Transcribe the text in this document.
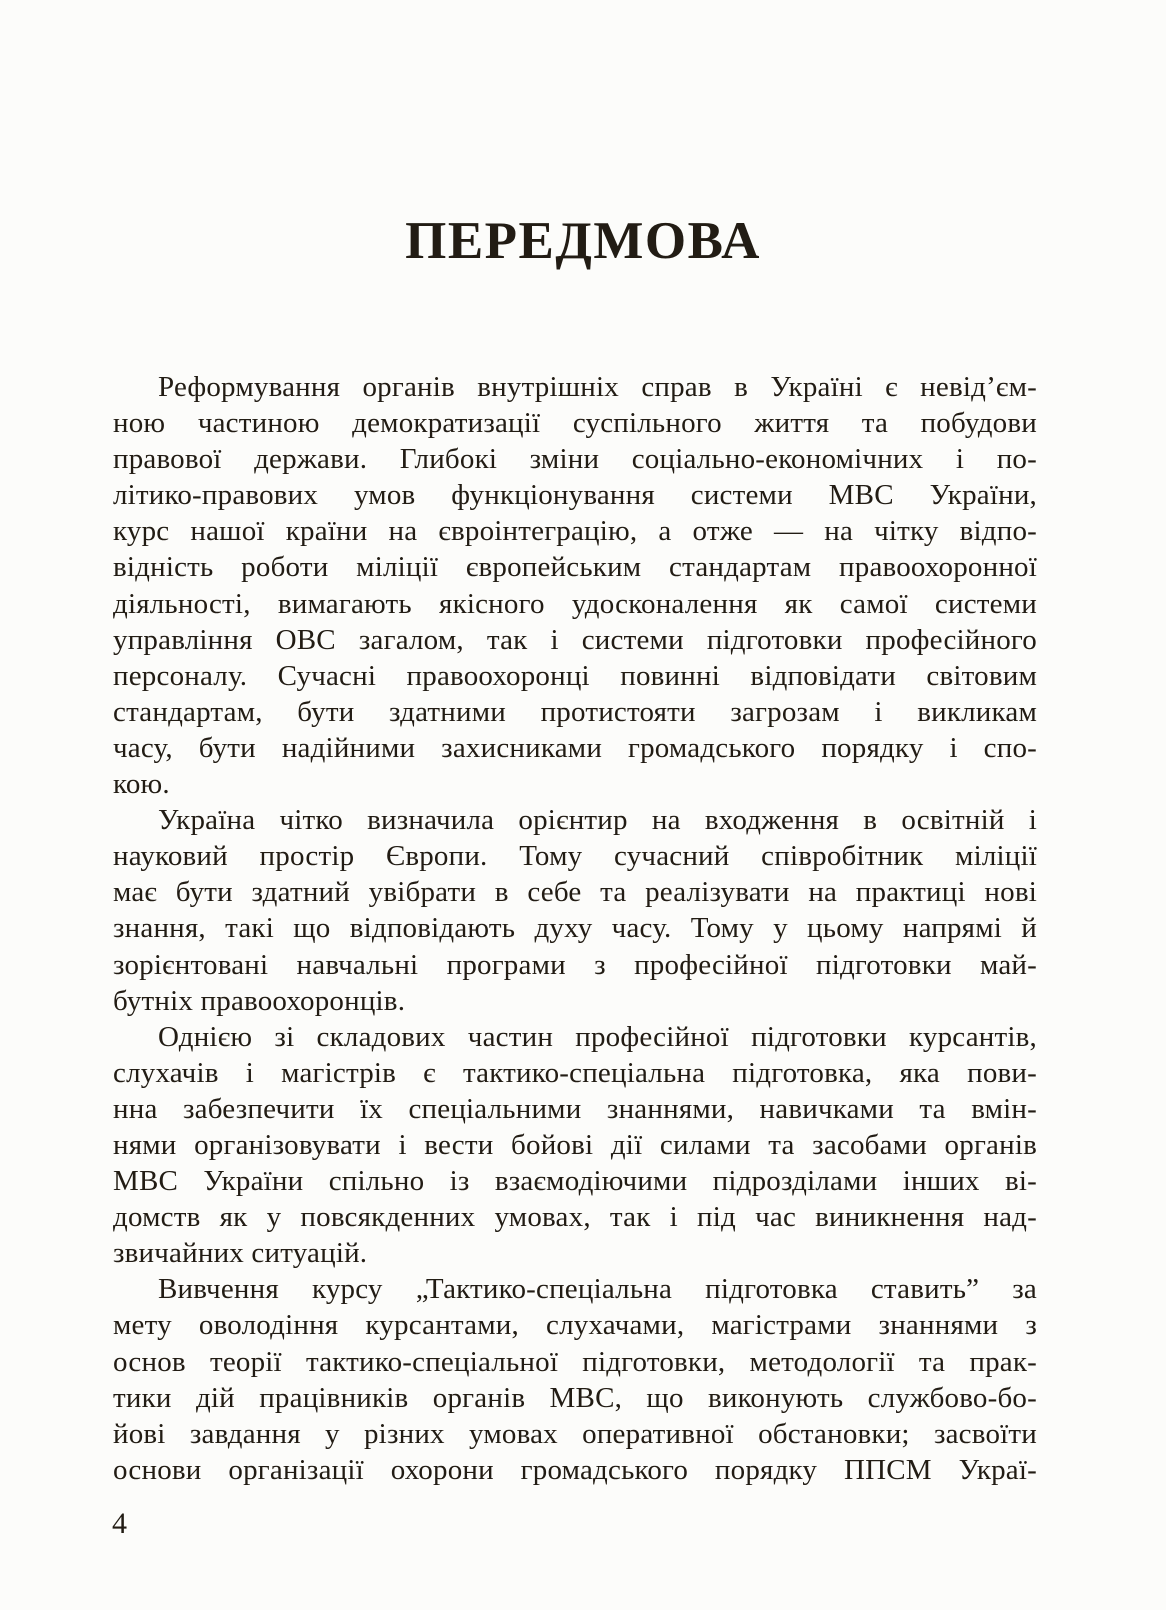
ПЕРЕДМОВА
Реформування органів внутрішніх справ в Україні є невід’єм-
ною частиною демократизації суспільного життя та побудови
правової держави. Глибокі зміни соціально-економічних і по-
літико-правових умов функціонування системи МВС України,
курс нашої країни на євроінтеграцію, а отже — на чітку відпо-
відність роботи міліції європейським стандартам правоохоронної
діяльності, вимагають якісного удосконалення як самої системи
управління ОВС загалом, так і системи підготовки професійного
персоналу. Сучасні правоохоронці повинні відповідати світовим
стандартам, бути здатними протистояти загрозам і викликам
часу, бути надійними захисниками громадського порядку і спо-
кою.
Україна чітко визначила орієнтир на входження в освітній і
науковий простір Європи. Тому сучасний співробітник міліції
має бути здатний увібрати в себе та реалізувати на практиці нові
знання, такі що відповідають духу часу. Тому у цьому напрямі й
зорієнтовані навчальні програми з професійної підготовки май-
бутніх правоохоронців.
Однією зі складових частин професійної підготовки курсантів,
слухачів і магістрів є тактико-спеціальна підготовка, яка пови-
нна забезпечити їх спеціальними знаннями, навичками та вмін-
нями організовувати і вести бойові дії силами та засобами органів
МВС України спільно із взаємодіючими підрозділами інших ві-
домств як у повсякденних умовах, так і під час виникнення над-
звичайних ситуацій.
Вивчення курсу „Тактико-спеціальна підготовка ставить” за
мету оволодіння курсантами, слухачами, магістрами знаннями з
основ теорії тактико-спеціальної підготовки, методології та прак-
тики дій працівників органів МВС, що виконують службово-бо-
йові завдання у різних умовах оперативної обстановки; засвоїти
основи організації охорони громадського порядку ППСМ Украї-
4
